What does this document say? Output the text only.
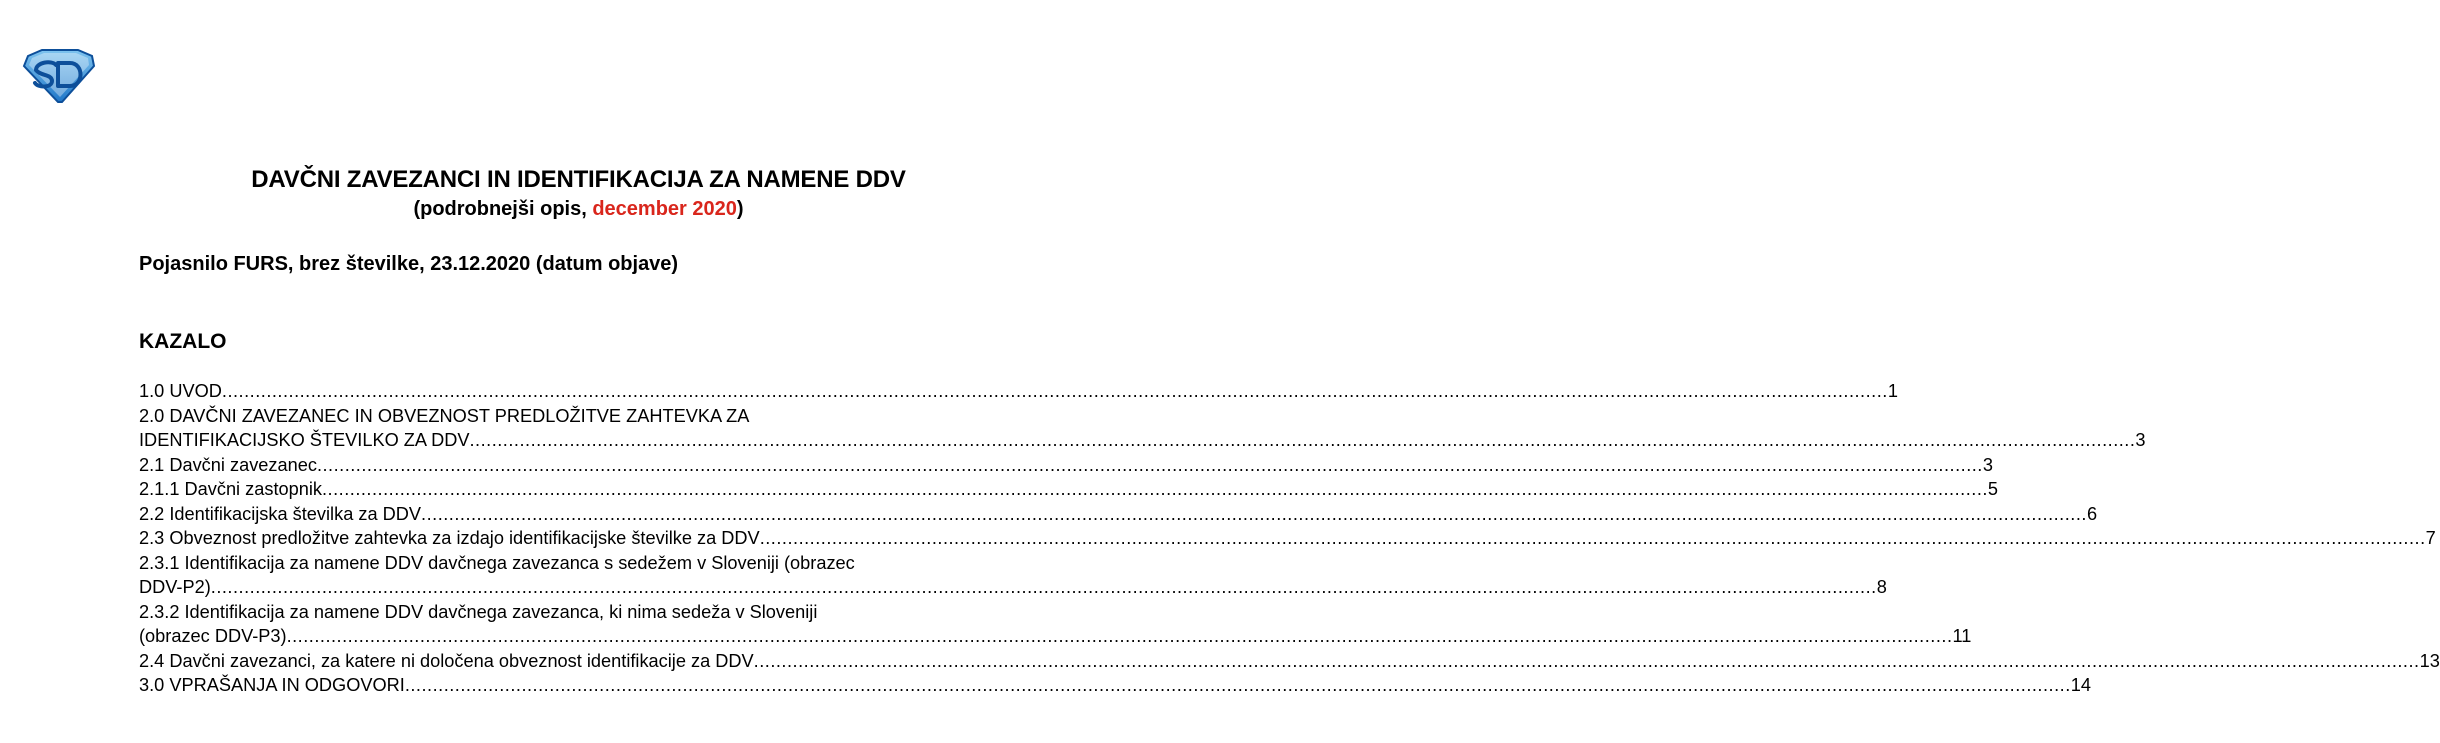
DAVČNI ZAVEZANCI IN IDENTIFIKACIJA ZA NAMENE DDV
(podrobnejši opis, december 2020)
Pojasnilo FURS, brez številke, 23.12.2020 (datum objave)
KAZALO
1.0 UVOD ............................................................................................................................................................................................................................................................................................................ 1
2.0 DAVČNI ZAVEZANEC IN OBVEZNOST PREDLOŽITVE ZAHTEVKA ZA
IDENTIFIKACIJSKO ŠTEVILKO ZA DDV ............................................................................................................................................................................................................................................................................................................ 3
2.1 Davčni zavezanec ............................................................................................................................................................................................................................................................................................................ 3
2.1.1 Davčni zastopnik ............................................................................................................................................................................................................................................................................................................ 5
2.2 Identifikacijska številka za DDV ............................................................................................................................................................................................................................................................................................................ 6
2.3 Obveznost predložitve zahtevka za izdajo identifikacijske številke za DDV ............................................................................................................................................................................................................................................................................................................ 7
2.3.1 Identifikacija za namene DDV davčnega zavezanca s sedežem v Sloveniji (obrazec
DDV-P2) ............................................................................................................................................................................................................................................................................................................ 8
2.3.2 Identifikacija za namene DDV davčnega zavezanca, ki nima sedeža v Sloveniji
(obrazec DDV-P3) ............................................................................................................................................................................................................................................................................................................ 11
2.4 Davčni zavezanci, za katere ni določena obveznost identifikacije za DDV ............................................................................................................................................................................................................................................................................................................ 13
3.0 VPRAŠANJA IN ODGOVORI ............................................................................................................................................................................................................................................................................................................ 14
